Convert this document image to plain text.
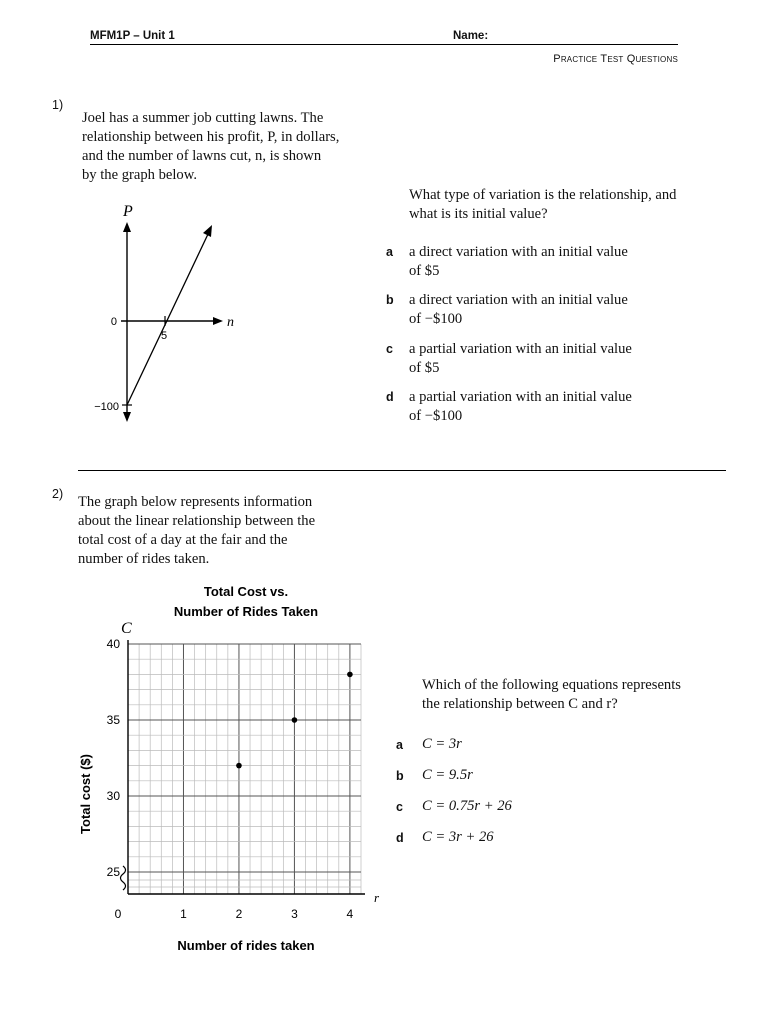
MFM1P – Unit 1	Name:
Practice Test Questions
1)
Joel has a summer job cutting lawns. The
relationship between his profit, P, in dollars,
and the number of lawns cut, n, is shown
by the graph below.
P
n
0
−100
5
What type of variation is the relationship, and
what is its initial value?
a a direct variation with an initial value
of $5
b a direct variation with an initial value
of −$100
c a partial variation with an initial value
of $5
d a partial variation with an initial value
of −$100
2) The graph below represents information
about the linear relationship between the
total cost of a day at the fair and the
number of rides taken.
Total Cost vs.
Number of Rides Taken
C
r
25
30
35
40
0	1	2	3	4
Number of rides taken
Total cost ($)
Which of the following equations represents
the relationship between C and r?
a C = 3r
b C = 9.5r
c C = 0.75r + 26
d C = 3r + 26
